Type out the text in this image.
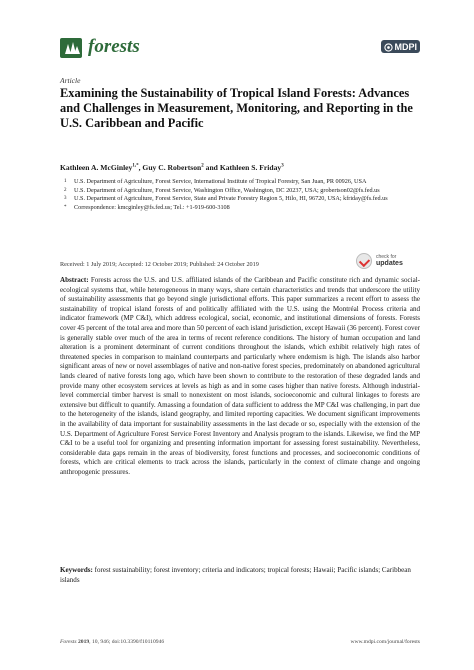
forests	MDPI
Article
Examining the Sustainability of Tropical Island Forests: Advances and Challenges in Measurement, Monitoring, and Reporting in the U.S. Caribbean and Pacific
Kathleen A. McGinley$^{1,*}$, Guy C. Robertson$^2$ and Kathleen S. Friday$^3$
1 U.S. Department of Agriculture, Forest Service, International Institute of Tropical Forestry, San Juan, PR 00926, USA
2 U.S. Department of Agriculture, Forest Service, Washington Office, Washington, DC 20237, USA; grobertson02@fs.fed.us
3 U.S. Department of Agriculture, Forest Service, State and Private Forestry Region 5, Hilo, HI, 96720, USA; kfriday@fs.fed.us
* Correspondence: kmcginley@fs.fed.us; Tel.: +1-919-600-3108
check for
updates
Received: 1 July 2019; Accepted: 12 October 2019; Published: 24 October 2019
Abstract: Forests across the U.S. and U.S. affiliated islands of the Caribbean and Pacific constitute rich and dynamic social-ecological systems that, while heterogeneous in many ways, share certain characteristics and trends that underscore the utility of sustainability assessments that go beyond single jurisdictional efforts. This paper summarizes a recent effort to assess the sustainability of tropical island forests of and politically affiliated with the U.S. using the Montréal Process criteria and indicator framework (MP C&I), which address ecological, social, economic, and institutional dimensions of forests. Forests cover 45 percent of the total area and more than 50 percent of each island jurisdiction, except Hawaii (36 percent). Forest cover is generally stable over much of the area in terms of recent reference conditions. The history of human occupation and land alteration is a prominent determinant of current conditions throughout the islands, which exhibit relatively high rates of threatened species in comparison to mainland counterparts and particularly where endemism is high. The islands also harbor significant areas of new or novel assemblages of native and non-native forest species, predominately on abandoned agricultural lands cleared of native forests long ago, which have been shown to contribute to the restoration of these degraded lands and provide many other ecosystem services at levels as high as and in some cases higher than native forests. Although industrial-level commercial timber harvest is small to nonexistent on most islands, socioeconomic and cultural linkages to forests are extensive but difficult to quantify. Amassing a foundation of data sufficient to address the MP C&I was challenging, in part due to the heterogeneity of the islands, island geography, and limited reporting capacities. We document significant improvements in the availability of data important for sustainability assessments in the last decade or so, especially with the extension of the U.S. Department of Agriculture Forest Service Forest Inventory and Analysis program to the islands. Likewise, we find the MP C&I to be a useful tool for organizing and presenting information important for assessing forest sustainability. Nevertheless, considerable data gaps remain in the areas of biodiversity, forest functions and processes, and socioeconomic conditions of forests, which are critical elements to track across the islands, particularly in the context of climate change and ongoing anthropogenic pressures.
Keywords: forest sustainability; forest inventory; criteria and indicators; tropical forests; Hawaii; Pacific islands; Caribbean islands
Forests 2019, 10, 946; doi:10.3390/f10110946	www.mdpi.com/journal/forests
